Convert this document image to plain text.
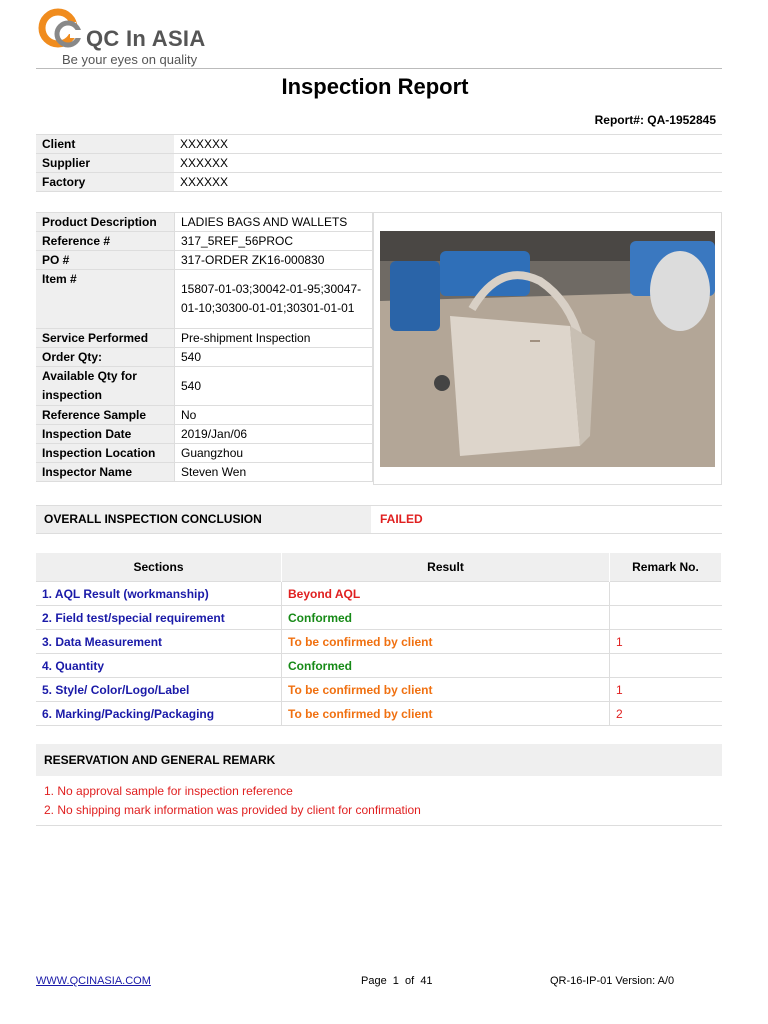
QC In ASIA
Be your eyes on quality
Inspection Report
Report#: QA-1952845
Client	XXXXXX
Supplier	XXXXXX
Factory	XXXXXX
Product Description	LADIES BAGS AND WALLETS
Reference #	317_5REF_56PROC
PO #	317-ORDER ZK16-000830
Item #	15807-01-03;30042-01-95;30047-01-10;30300-01-01;30301-01-01
Service Performed	Pre-shipment Inspection
Order Qty:	540
Available Qty for inspection	540
Reference Sample	No
Inspection Date	2019/Jan/06
Inspection Location	Guangzhou
Inspector Name	Steven Wen
OVERALL INSPECTION CONCLUSION	FAILED
Sections	Result	Remark No.
1. AQL Result (workmanship)	Beyond AQL	
2. Field test/special requirement	Conformed	
3. Data Measurement	To be confirmed by client	1
4. Quantity	Conformed	
5. Style/ Color/Logo/Label	To be confirmed by client	1
6. Marking/Packing/Packaging	To be confirmed by client	2
RESERVATION AND GENERAL REMARK
1. No approval sample for inspection reference
2. No shipping mark information was provided by client for confirmation
WWW.QCINASIA.COM	Page  1  of  41	QR-16-IP-01 Version: A/0
